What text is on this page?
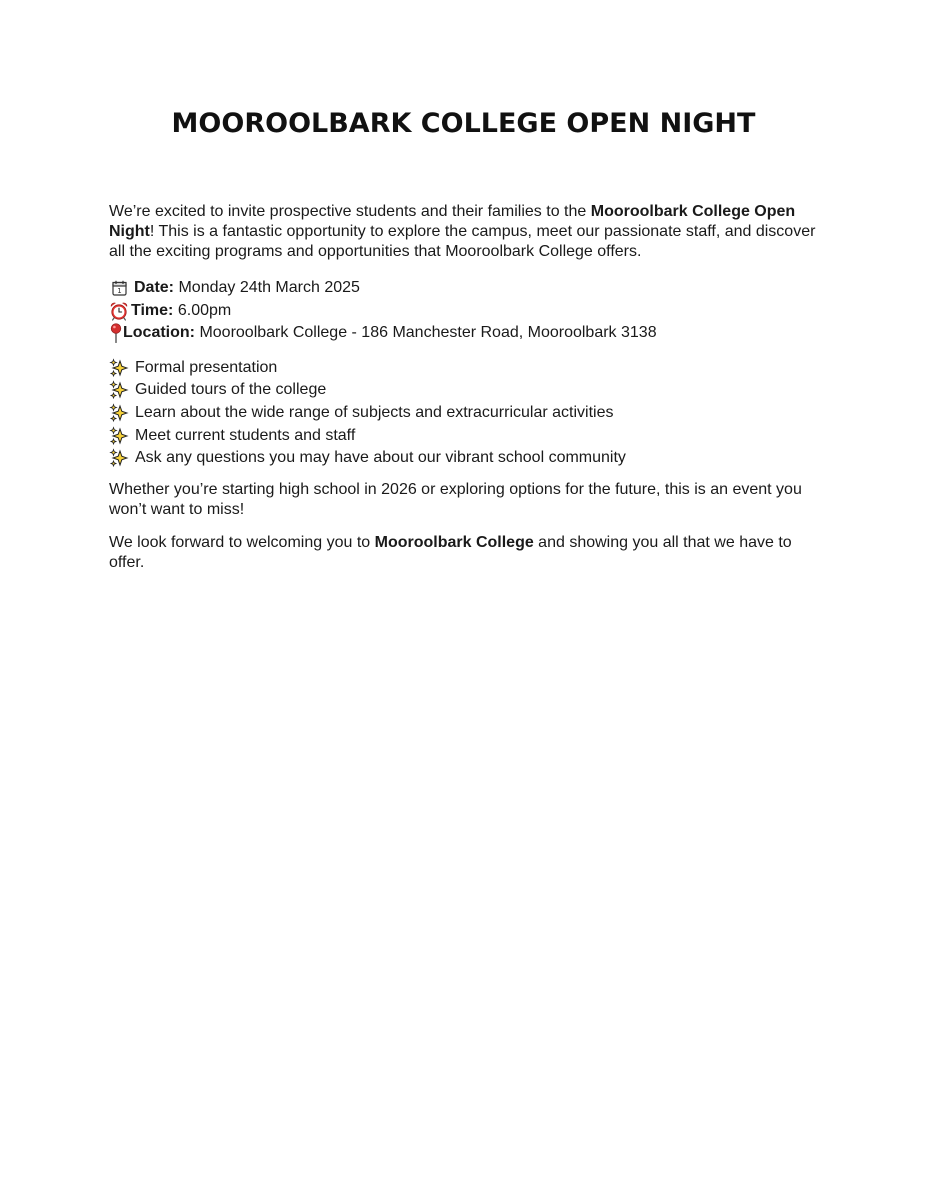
MOOROOLBARK COLLEGE OPEN NIGHT

We’re excited to invite prospective students and their families to the Mooroolbark College Open Night! This is a fantastic opportunity to explore the campus, meet our passionate staff, and discover all the exciting programs and opportunities that Mooroolbark College offers.

1 Date:
Monday 24th March 2025
Time:
6.00pm
Location:
Mooroolbark College - 186 Manchester Road, Mooroolbark 3138
Formal presentation
Guided tours of the college
Learn about the wide range of subjects and extracurricular activities
Meet current students and staff
Ask any questions you may have about our vibrant school community

Whether you’re starting high school in 2026 or exploring options for the future, this is an event you won’t want to miss!

We look forward to welcoming you to Mooroolbark College and showing you all that we have to offer.
